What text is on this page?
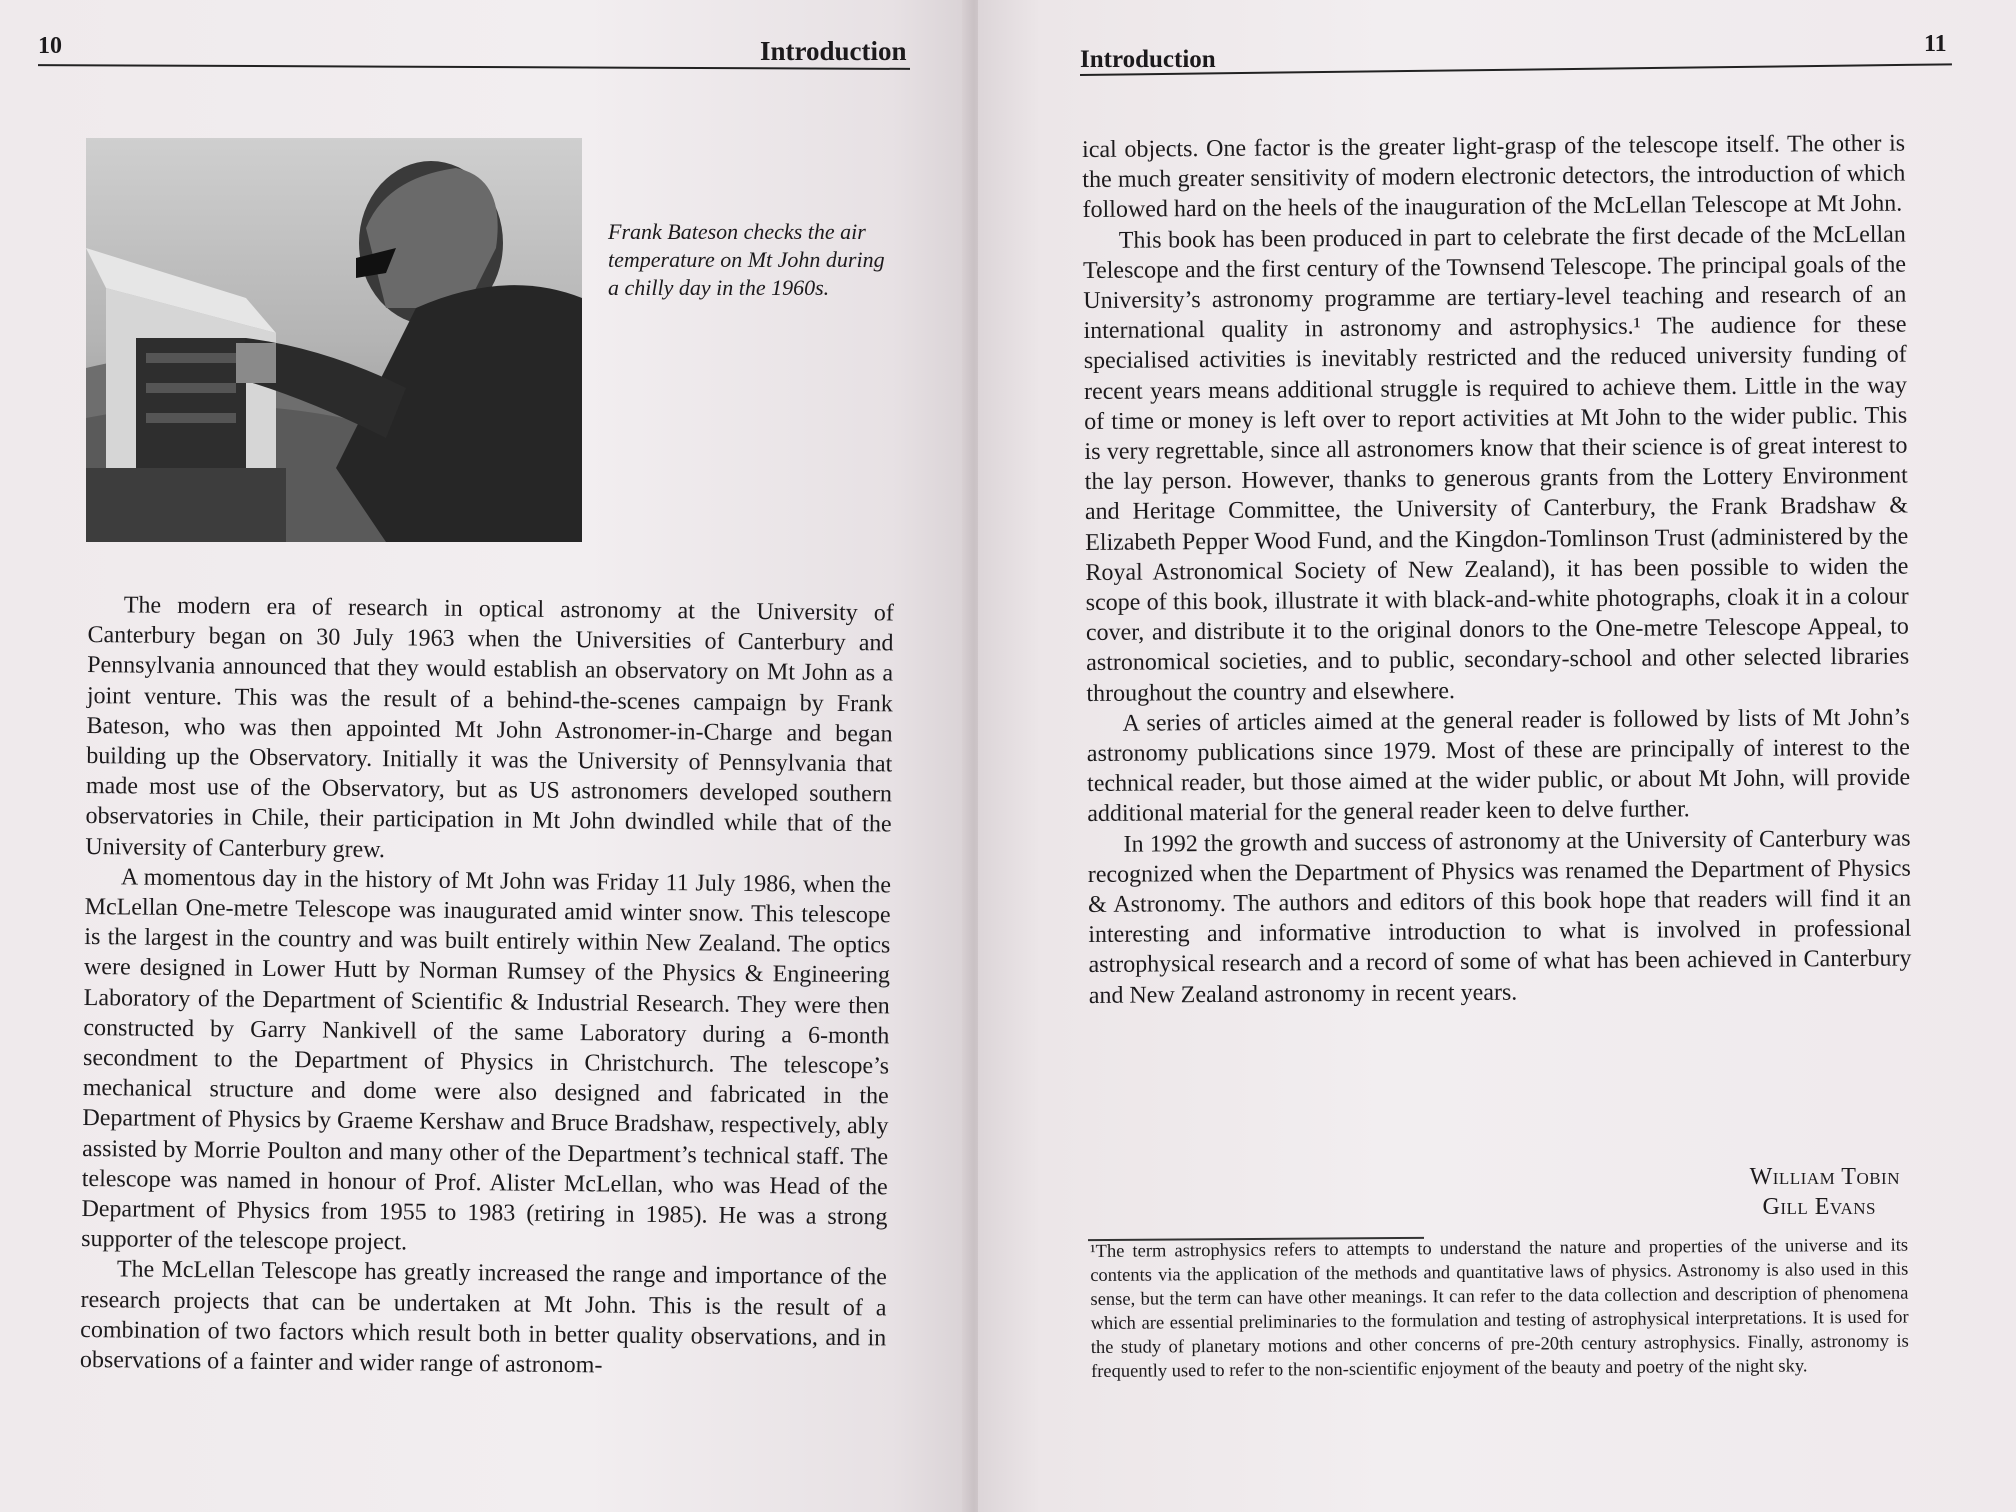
10	Introduction
Frank Bateson checks the air temperature on Mt John during a chilly day in the 1960s.

The modern era of research in optical astronomy at the University of Canterbury began on 30 July 1963 when the Universities of Canterbury and Pennsylvania announced that they would establish an observatory on Mt John as a joint venture. This was the result of a behind-the-scenes campaign by Frank Bateson, who was then appointed Mt John Astronomer-in-Charge and began building up the Observatory. Initially it was the University of Pennsylvania that made most use of the Observatory, but as US astronomers developed southern observatories in Chile, their participation in Mt John dwindled while that of the University of Canterbury grew.

A momentous day in the history of Mt John was Friday 11 July 1986, when the McLellan One-metre Telescope was inaugurated amid winter snow. This telescope is the largest in the country and was built entirely within New Zealand. The optics were designed in Lower Hutt by Norman Rumsey of the Physics & Engineering Laboratory of the Department of Scientific & Industrial Research. They were then constructed by Garry Nankivell of the same Laboratory during a 6-month secondment to the Department of Physics in Christchurch. The telescope’s mechanical structure and dome were also designed and fabricated in the Department of Physics by Graeme Kershaw and Bruce Bradshaw, respectively, ably assisted by Morrie Poulton and many other of the Department’s technical staff. The telescope was named in honour of Prof. Alister McLellan, who was Head of the Department of Physics from 1955 to 1983 (retiring in 1985). He was a strong supporter of the telescope project.

The McLellan Telescope has greatly increased the range and importance of the research projects that can be undertaken at Mt John. This is the result of a combination of two factors which result both in better quality observations, and in observations of a fainter and wider range of astronom-

Introduction
11

ical objects. One factor is the greater light-grasp of the telescope itself. The other is the much greater sensitivity of modern electronic detectors, the introduction of which followed hard on the heels of the inauguration of the McLellan Telescope at Mt John.

This book has been produced in part to celebrate the first decade of the McLellan Telescope and the first century of the Townsend Telescope. The principal goals of the University’s astronomy programme are tertiary-level teaching and research of an international quality in astronomy and astrophysics.¹ The audience for these specialised activities is inevitably restricted and the reduced university funding of recent years means additional struggle is required to achieve them. Little in the way of time or money is left over to report activities at Mt John to the wider public. This is very regrettable, since all astronomers know that their science is of great interest to the lay person. However, thanks to generous grants from the Lottery Environment and Heritage Committee, the University of Canterbury, the Frank Bradshaw & Elizabeth Pepper Wood Fund, and the Kingdon-Tomlinson Trust (administered by the Royal Astronomical Society of New Zealand), it has been possible to widen the scope of this book, illustrate it with black-and-white photographs, cloak it in a colour cover, and distribute it to the original donors to the One-metre Telescope Appeal, to astronomical societies, and to public, secondary-school and other selected libraries throughout the country and elsewhere.

A series of articles aimed at the general reader is followed by lists of Mt John’s astronomy publications since 1979. Most of these are principally of interest to the technical reader, but those aimed at the wider public, or about Mt John, will provide additional material for the general reader keen to delve further.

In 1992 the growth and success of astronomy at the University of Canterbury was recognized when the Department of Physics was renamed the Department of Physics & Astronomy. The authors and editors of this book hope that readers will find it an interesting and informative introduction to what is involved in professional astrophysical research and a record of some of what has been achieved in Canterbury and New Zealand astronomy in recent years.

William Tobin
Gill Evans
¹The term astrophysics refers to attempts to understand the nature and properties of the universe and its contents via the application of the methods and quantitative laws of physics. Astronomy is also used in this sense, but the term can have other meanings. It can refer to the data collection and description of phenomena which are essential preliminaries to the formulation and testing of astrophysical interpretations. It is used for the study of planetary motions and other concerns of pre-20th century astrophysics. Finally, astronomy is frequently used to refer to the non-scientific enjoyment of the beauty and poetry of the night sky.
